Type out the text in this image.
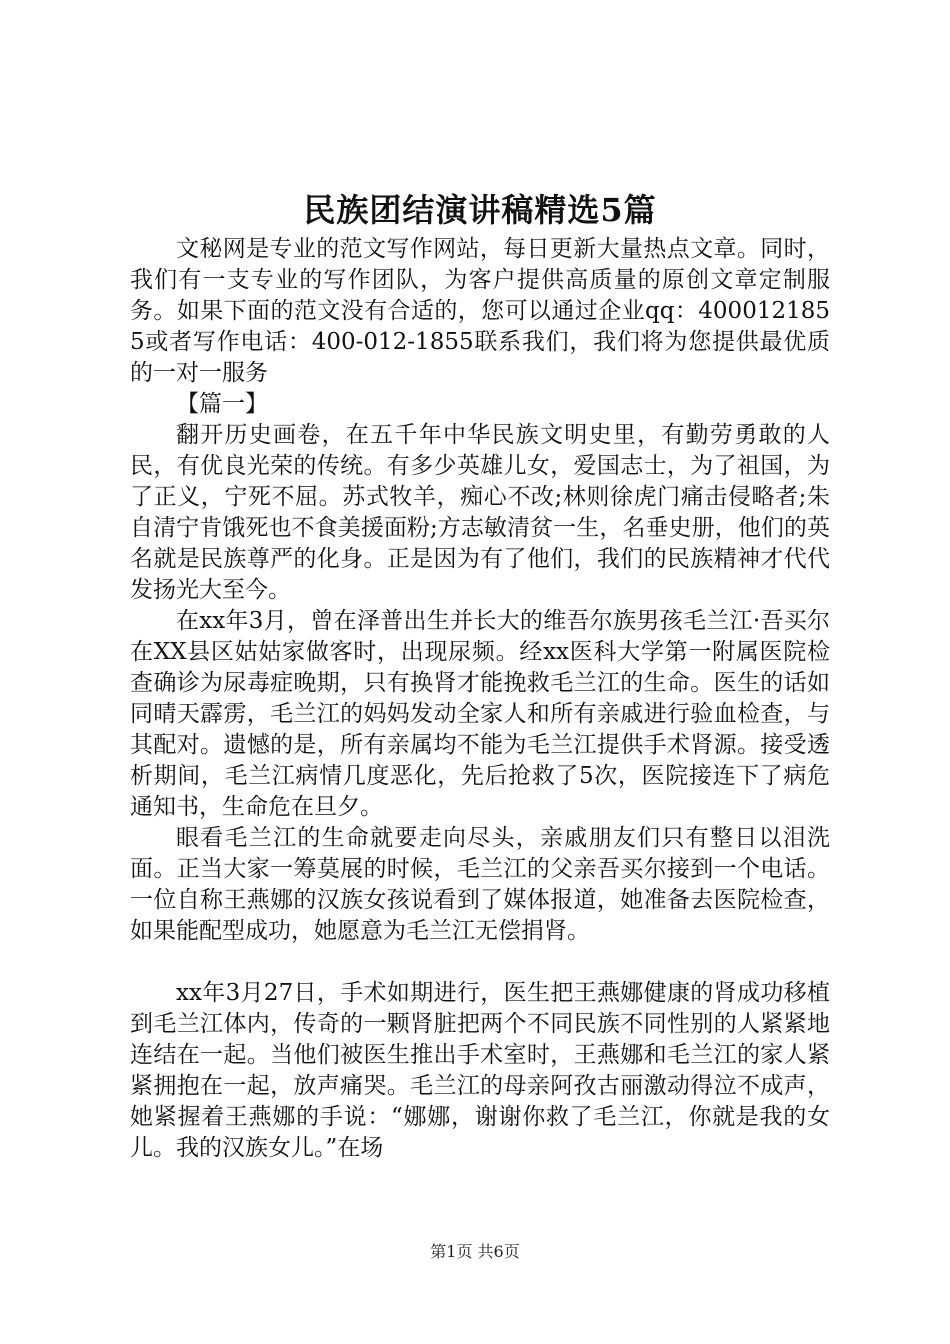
民族团结演讲稿精选5篇

文秘网是专业的范文写作网站，每日更新大量热点文章。同时，我们有一支专业的写作团队，为客户提供高质量的原创文章定制服务。如果下面的范文没有合适的，您可以通过企业qq：4000121855或者写作电话：400-012-1855联系我们，我们将为您提供最优质的一对一服务

【篇一】

翻开历史画卷，在五千年中华民族文明史里，有勤劳勇敢的人民，有优良光荣的传统。有多少英雄儿女，爱国志士，为了祖国，为了正义，宁死不屈。苏式牧羊，痴心不改;林则徐虎门痛击侵略者;朱自清宁肯饿死也不食美援面粉;方志敏清贫一生，名垂史册，他们的英名就是民族尊严的化身。正是因为有了他们，我们的民族精神才代代发扬光大至今。

在xx年3月，曾在泽普出生并长大的维吾尔族男孩毛兰江·吾买尔在XX县区姑姑家做客时，出现尿频。经xx医科大学第一附属医院检查确诊为尿毒症晚期，只有换肾才能挽救毛兰江的生命。医生的话如同晴天霹雳，毛兰江的妈妈发动全家人和所有亲戚进行验血检查，与其配对。遗憾的是，所有亲属均不能为毛兰江提供手术肾源。接受透析期间，毛兰江病情几度恶化，先后抢救了5次，医院接连下了病危通知书，生命危在旦夕。

眼看毛兰江的生命就要走向尽头，亲戚朋友们只有整日以泪洗面。正当大家一筹莫展的时候，毛兰江的父亲吾买尔接到一个电话。一位自称王燕娜的汉族女孩说看到了媒体报道，她准备去医院检查，如果能配型成功，她愿意为毛兰江无偿捐肾。

xx年3月27日，手术如期进行，医生把王燕娜健康的肾成功移植到毛兰江体内，传奇的一颗肾脏把两个不同民族不同性别的人紧紧地连结在一起。当他们被医生推出手术室时，王燕娜和毛兰江的家人紧紧拥抱在一起，放声痛哭。毛兰江的母亲阿孜古丽激动得泣不成声，她紧握着王燕娜的手说：“娜娜，谢谢你救了毛兰江，你就是我的女儿。我的汉族女儿。”在场

第1页 共6页
